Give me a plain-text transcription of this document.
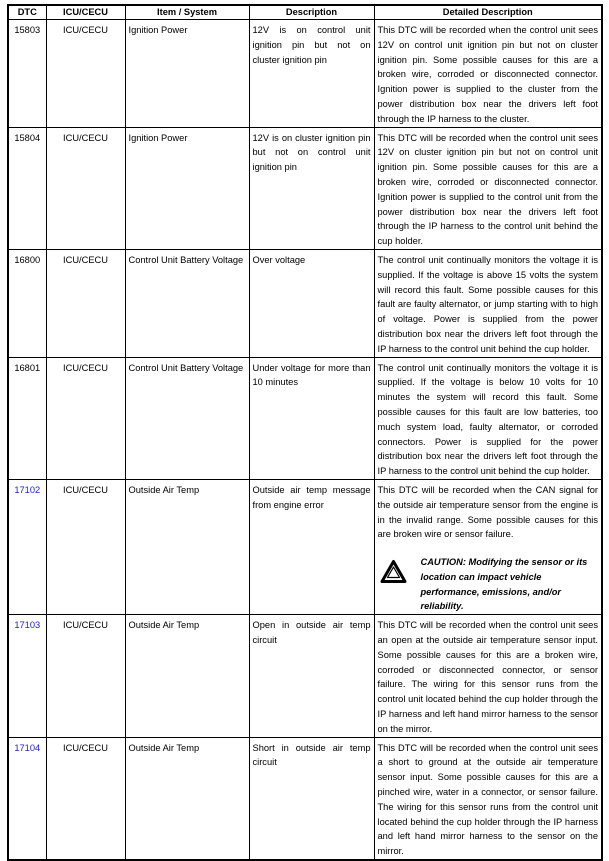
DTC	ICU/CECU	Item / System	Description	Detailed Description
15803	ICU/CECU	Ignition Power	12V is on control unit ignition pin but not on cluster ignition pin	This DTC will be recorded when the control unit sees 12V on control unit ignition pin but not on cluster ignition pin. Some possible causes for this are a broken wire, corroded or disconnected connector. Ignition power is supplied to the cluster from the power distribution box near the drivers left foot through the IP harness to the cluster.
15804	ICU/CECU	Ignition Power	12V is on cluster ignition pin but not on control unit ignition pin	This DTC will be recorded when the control unit sees 12V on cluster ignition pin but not on control unit ignition pin. Some possible causes for this are a broken wire, corroded or disconnected connector. Ignition power is supplied to the control unit from the power distribution box near the drivers left foot through the IP harness to the control unit behind the cup holder.
16800	ICU/CECU	Control Unit Battery Voltage	Over voltage	The control unit continually monitors the voltage it is supplied. If the voltage is above 15 volts the system will record this fault. Some possible causes for this fault are faulty alternator, or jump starting with to high of voltage. Power is supplied from the power distribution box near the drivers left foot through the IP harness to the control unit behind the cup holder.
16801	ICU/CECU	Control Unit Battery Voltage	Under voltage for more than 10 minutes	The control unit continually monitors the voltage it is supplied. If the voltage is below 10 volts for 10 minutes the system will record this fault. Some possible causes for this fault are low batteries, too much system load, faulty alternator, or corroded connectors. Power is supplied for the power distribution box near the drivers left foot through the IP harness to the control unit behind the cup holder.
17102	ICU/CECU	Outside Air Temp	Outside air temp message from engine error	This DTC will be recorded when the CAN signal for the outside air temperature sensor from the engine is in the invalid range. Some possible causes for this are broken wire or sensor failure.
CAUTION: Modifying the sensor or its location can impact vehicle performance, emissions, and/or reliability.

17103	ICU/CECU	Outside Air Temp	Open in outside air temp circuit	This DTC will be recorded when the control unit sees an open at the outside air temperature sensor input. Some possible causes for this are a broken wire, corroded or disconnected connector, or sensor failure. The wiring for this sensor runs from the control unit located behind the cup holder through the IP harness and left hand mirror harness to the sensor on the mirror.
17104	ICU/CECU	Outside Air Temp	Short in outside air temp circuit	This DTC will be recorded when the control unit sees a short to ground at the outside air temperature sensor input. Some possible causes for this are a pinched wire, water in a connector, or sensor failure. The wiring for this sensor runs from the control unit located behind the cup holder through the IP harness and left hand mirror harness to the sensor on the mirror.
